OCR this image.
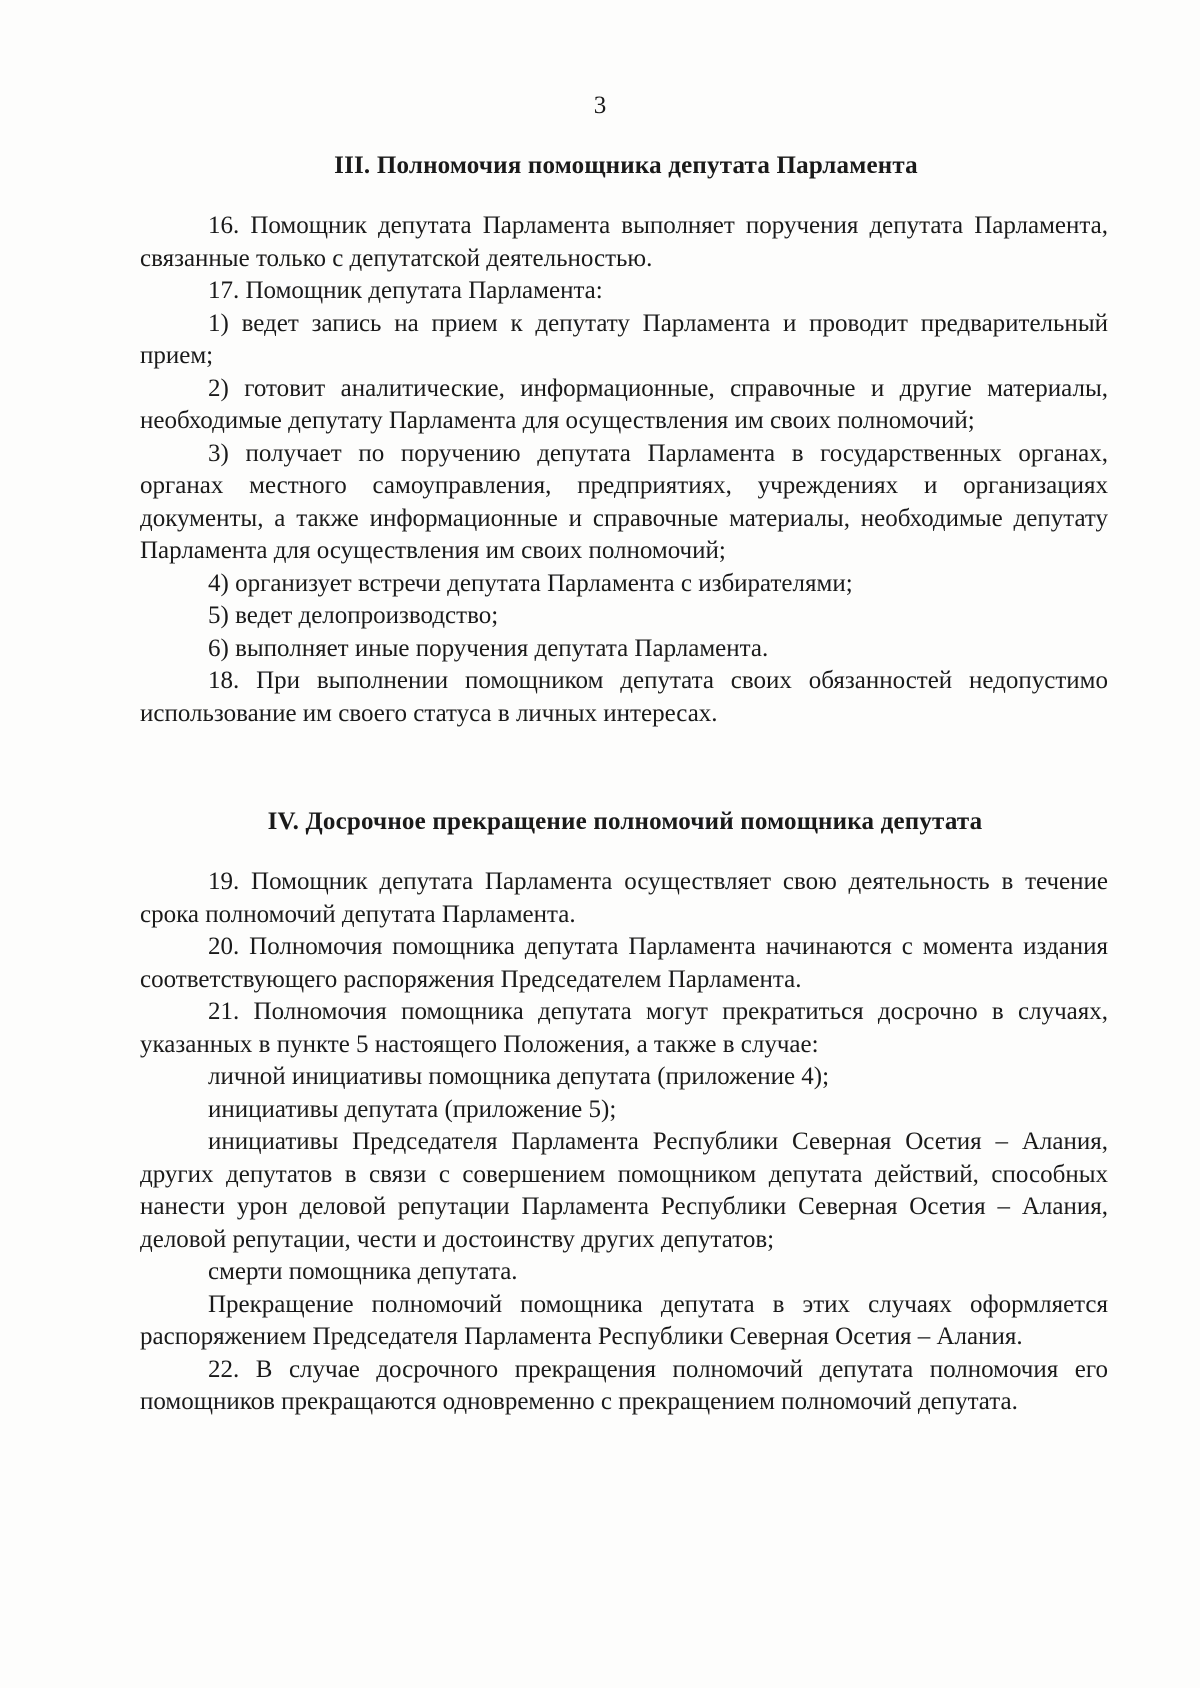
3
III. Полномочия помощника депутата Парламента

16. Помощник депутата Парламента выполняет поручения депутата Парламента, связанные только с депутатской деятельностью.

17. Помощник депутата Парламента:

1) ведет запись на прием к депутату Парламента и проводит предварительный прием;

2) готовит аналитические, информационные, справочные и другие материалы, необходимые депутату Парламента для осуществления им своих полномочий;

3) получает по поручению депутата Парламента в государственных органах, органах местного самоуправления, предприятиях, учреждениях и организациях документы, а также информационные и справочные материалы, необходимые депутату Парламента для осуществления им своих полномочий;

4) организует встречи депутата Парламента с избирателями;

5) ведет делопроизводство;

6) выполняет иные поручения депутата Парламента.

18. При выполнении помощником депутата своих обязанностей недопустимо использование им своего статуса в личных интересах.

IV. Досрочное прекращение полномочий помощника депутата

19. Помощник депутата Парламента осуществляет свою деятельность в течение срока полномочий депутата Парламента.

20. Полномочия помощника депутата Парламента начинаются с момента издания соответствующего распоряжения Председателем Парламента.

21. Полномочия помощника депутата могут прекратиться досрочно в случаях, указанных в пункте 5 настоящего Положения, а также в случае:

личной инициативы помощника депутата (приложение 4);

инициативы депутата (приложение 5);

инициативы Председателя Парламента Республики Северная Осетия – Алания, других депутатов в связи с совершением помощником депутата действий, способных нанести урон деловой репутации Парламента Республики Северная Осетия – Алания, деловой репутации, чести и достоинству других депутатов;

смерти помощника депутата.

Прекращение полномочий помощника депутата в этих случаях оформляется распоряжением Председателя Парламента Республики Северная Осетия – Алания.

22. В случае досрочного прекращения полномочий депутата полномочия его помощников прекращаются одновременно с прекращением полномочий депутата.
